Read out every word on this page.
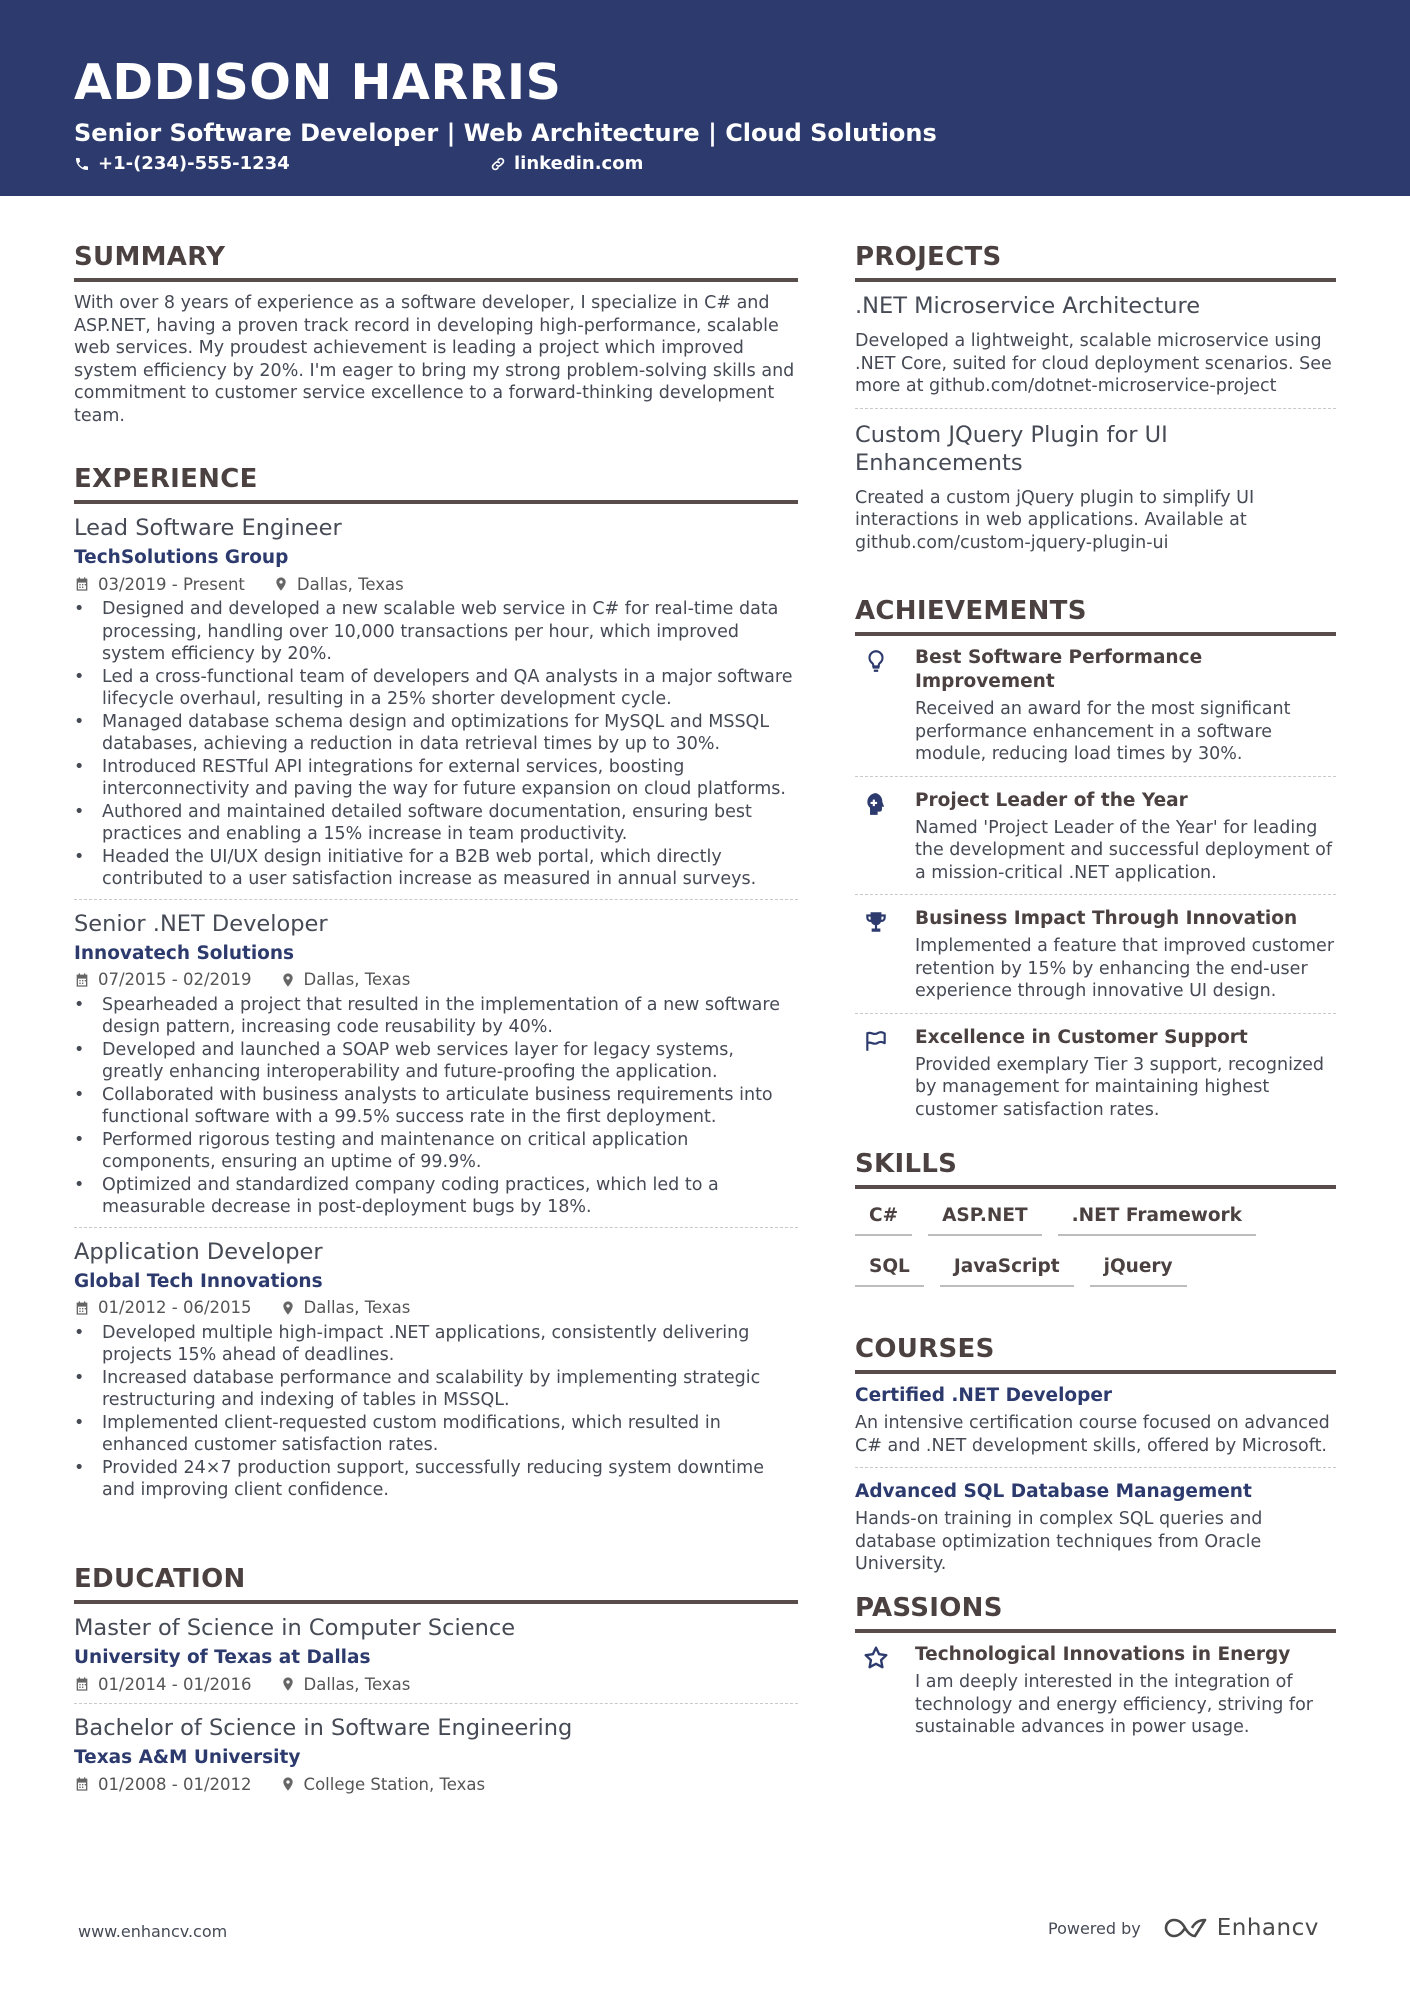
ADDISON HARRIS
Senior Software Developer | Web Architecture | Cloud Solutions
+1-(234)-555-1234	linkedin.com
SUMMARY

With over 8 years of experience as a software developer, I specialize in C# and ASP.NET, having a proven track record in developing high-performance, scalable web services. My proudest achievement is leading a project which improved system efficiency by 20%. I'm eager to bring my strong problem-solving skills and commitment to customer service excellence to a forward-thinking development team.

EXPERIENCE
Lead Software Engineer
TechSolutions Group
03/2019 - Present	Dallas, Texas
• Designed and developed a new scalable web service in C# for real-time data processing, handling over 10,000 transactions per hour, which improved system efficiency by 20%.
• Led a cross-functional team of developers and QA analysts in a major software lifecycle overhaul, resulting in a 25% shorter development cycle.
• Managed database schema design and optimizations for MySQL and MSSQL databases, achieving a reduction in data retrieval times by up to 30%.
• Introduced RESTful API integrations for external services, boosting interconnectivity and paving the way for future expansion on cloud platforms.
• Authored and maintained detailed software documentation, ensuring best practices and enabling a 15% increase in team productivity.
• Headed the UI/UX design initiative for a B2B web portal, which directly contributed to a user satisfaction increase as measured in annual surveys.
Senior .NET Developer
Innovatech Solutions
07/2015 - 02/2019	Dallas, Texas
• Spearheaded a project that resulted in the implementation of a new software design pattern, increasing code reusability by 40%.
• Developed and launched a SOAP web services layer for legacy systems, greatly enhancing interoperability and future-proofing the application.
• Collaborated with business analysts to articulate business requirements into functional software with a 99.5% success rate in the first deployment.
• Performed rigorous testing and maintenance on critical application components, ensuring an uptime of 99.9%.
• Optimized and standardized company coding practices, which led to a measurable decrease in post-deployment bugs by 18%.
Application Developer
Global Tech Innovations
01/2012 - 06/2015	Dallas, Texas
• Developed multiple high-impact .NET applications, consistently delivering projects 15% ahead of deadlines.
• Increased database performance and scalability by implementing strategic restructuring and indexing of tables in MSSQL.
• Implemented client-requested custom modifications, which resulted in enhanced customer satisfaction rates.
• Provided 24×7 production support, successfully reducing system downtime and improving client confidence.
EDUCATION
Master of Science in Computer Science
University of Texas at Dallas
01/2014 - 01/2016	Dallas, Texas
Bachelor of Science in Software Engineering
Texas A&M University
01/2008 - 01/2012	College Station, Texas
PROJECTS
.NET Microservice Architecture

Developed a lightweight, scalable microservice using .NET Core, suited for cloud deployment scenarios. See more at github.com/dotnet-microservice-project

Custom JQuery Plugin for UI Enhancements

Created a custom jQuery plugin to simplify UI interactions in web applications. Available at github.com/custom-jquery-plugin-ui

ACHIEVEMENTS
Best Software Performance Improvement

Received an award for the most significant performance enhancement in a software module, reducing load times by 30%.

Project Leader of the Year

Named 'Project Leader of the Year' for leading the development and successful deployment of a mission-critical .NET application.

Business Impact Through Innovation

Implemented a feature that improved customer retention by 15% by enhancing the end-user experience through innovative UI design.

Excellence in Customer Support

Provided exemplary Tier 3 support, recognized by management for maintaining highest customer satisfaction rates.

SKILLS
C#	ASP.NET	.NET Framework
SQL	JavaScript	jQuery
COURSES
Certified .NET Developer

An intensive certification course focused on advanced C# and .NET development skills, offered by Microsoft.

Advanced SQL Database Management

Hands-on training in complex SQL queries and database optimization techniques from Oracle University.

PASSIONS
Technological Innovations in Energy

I am deeply interested in the integration of technology and energy efficiency, striving for sustainable advances in power usage.

www.enhancv.com	Powered by	Enhancv
